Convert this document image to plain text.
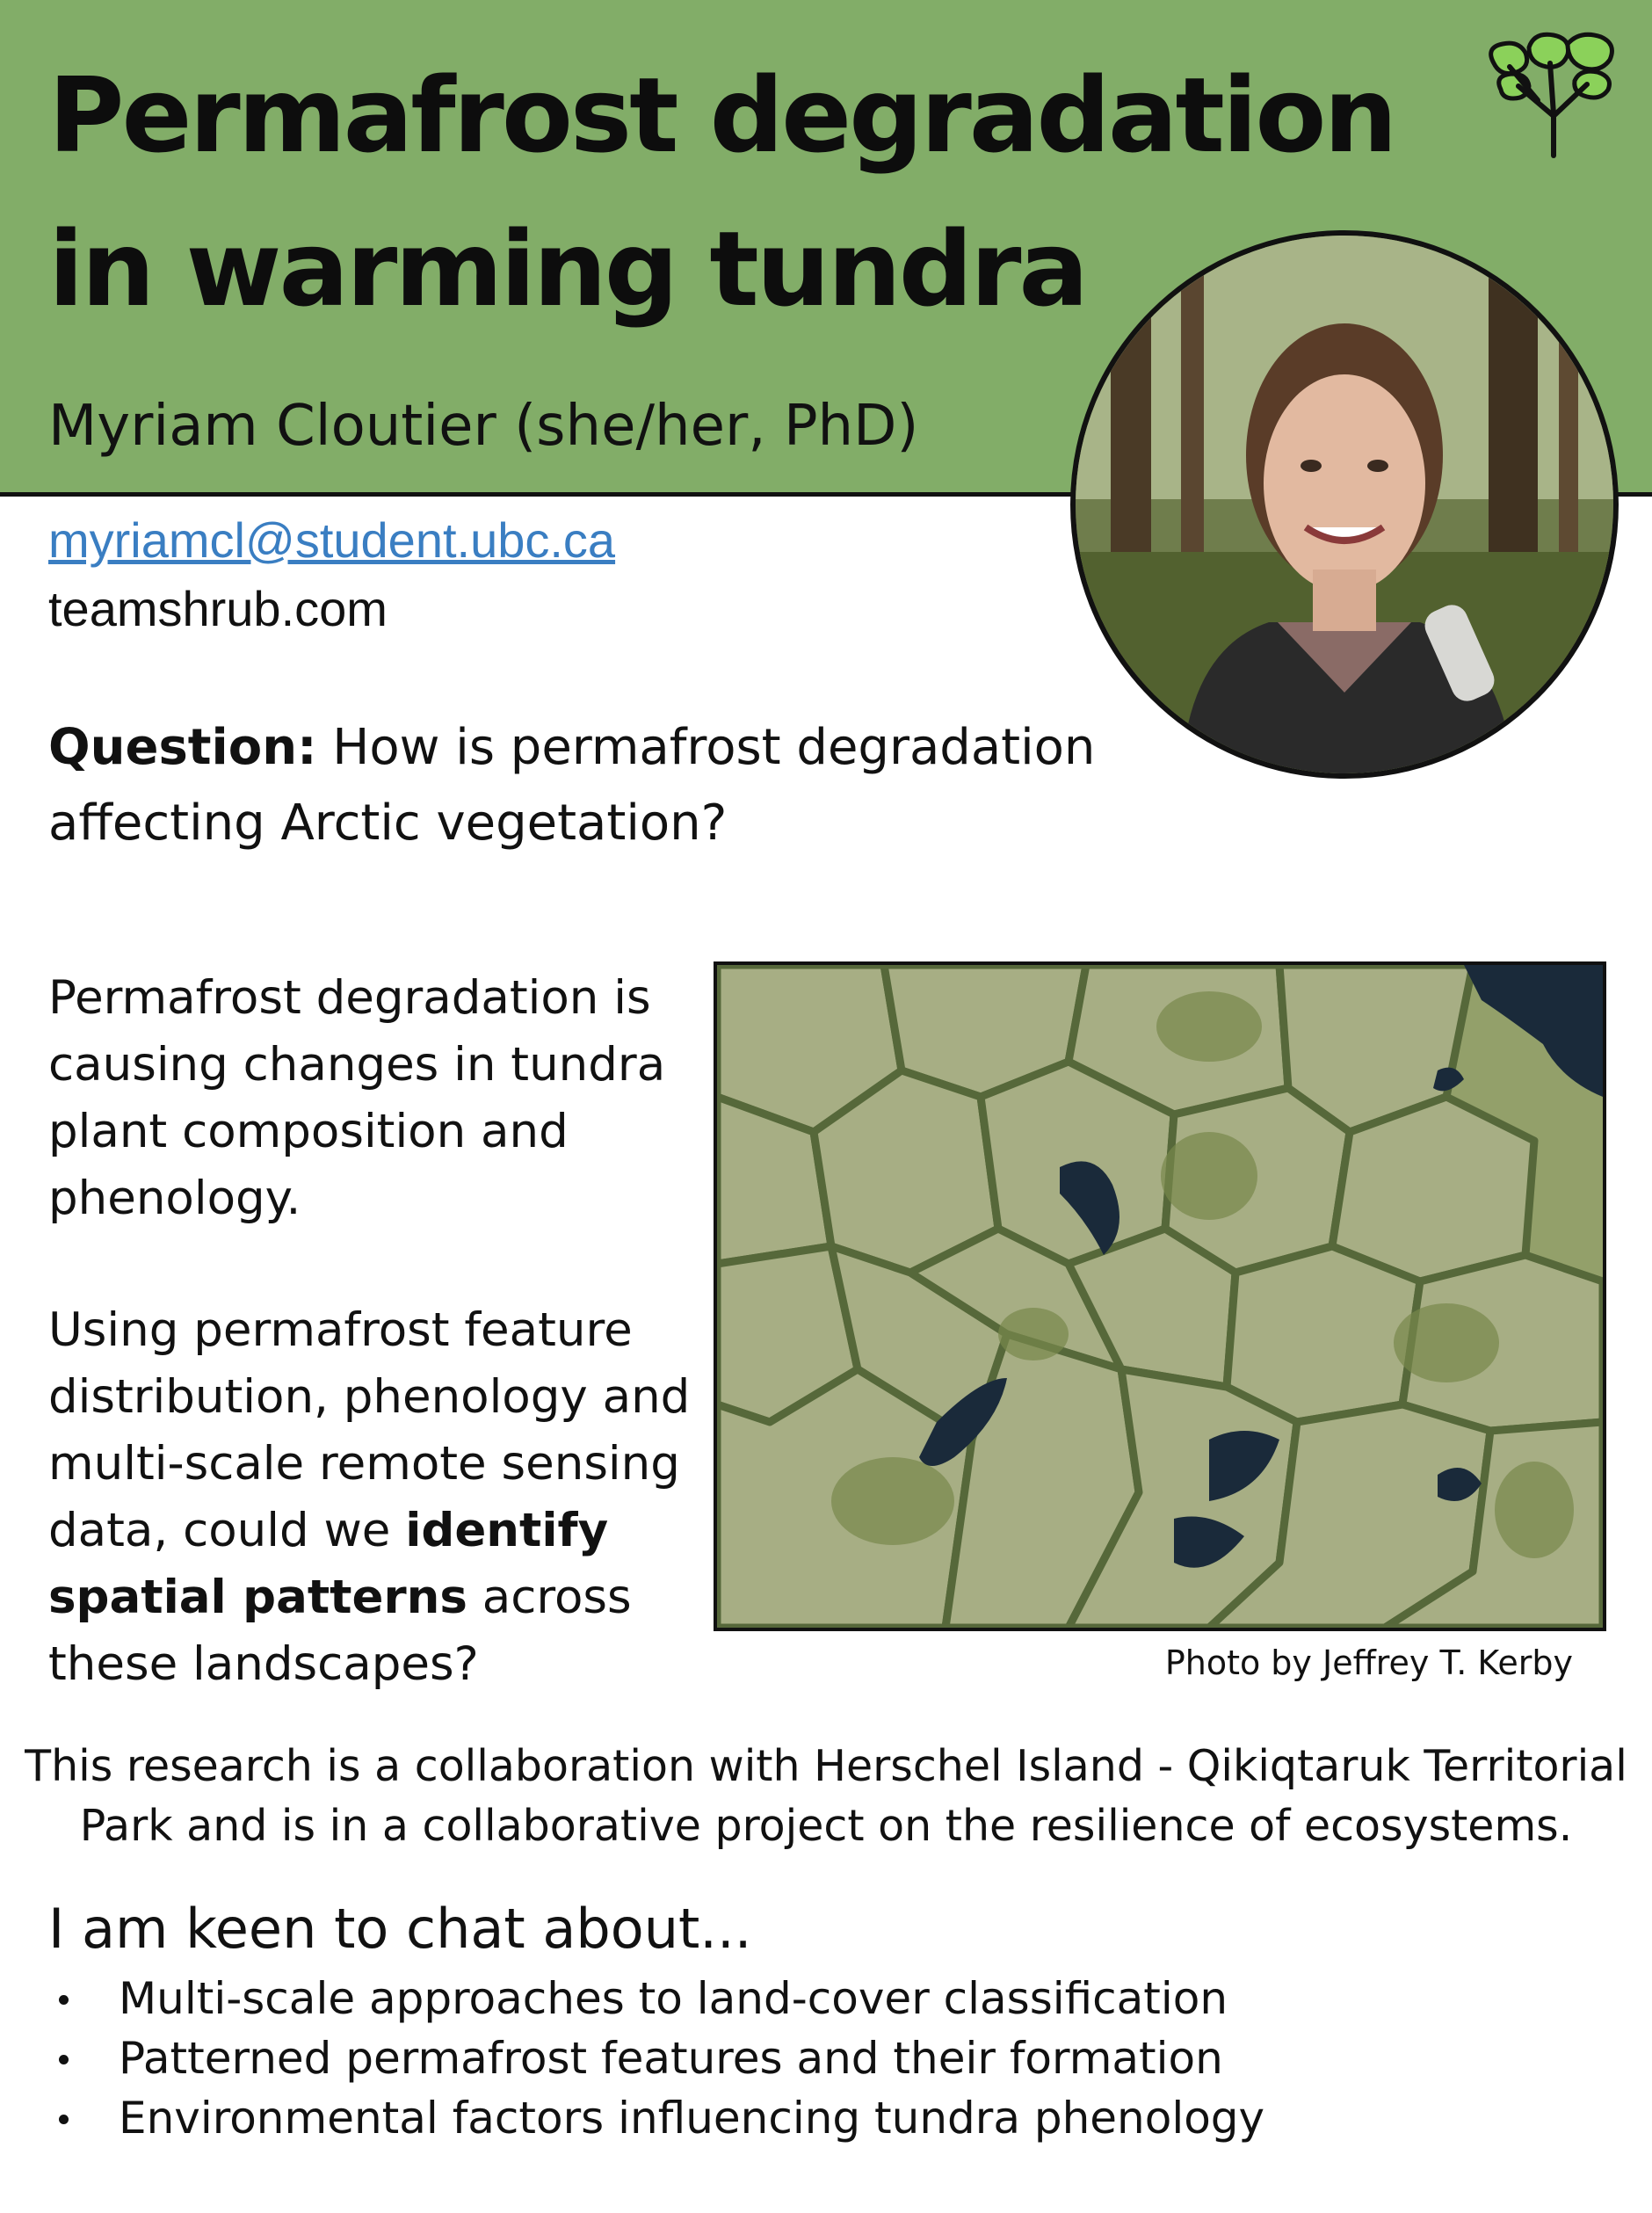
Permafrost degradation
in warming tundra

Myriam Cloutier (she/her, PhD)

myriamcl@student.ubc.ca
teamshrub.com

Question: How is permafrost degradation affecting Arctic vegetation?

Permafrost degradation is causing changes in tundra plant composition and phenology.

Using permafrost feature distribution, phenology and multi-scale remote sensing data, could we identify spatial patterns across these landscapes?	Photo by Jeffrey T. Kerby

This research is a collaboration with Herschel Island - Qikiqtaruk Territorial
Park and is in a collaborative project on the resilience of ecosystems.

I am keen to chat about...
Multi-scale approaches to land-cover classification
Patterned permafrost features and their formation
Environmental factors influencing tundra phenology
